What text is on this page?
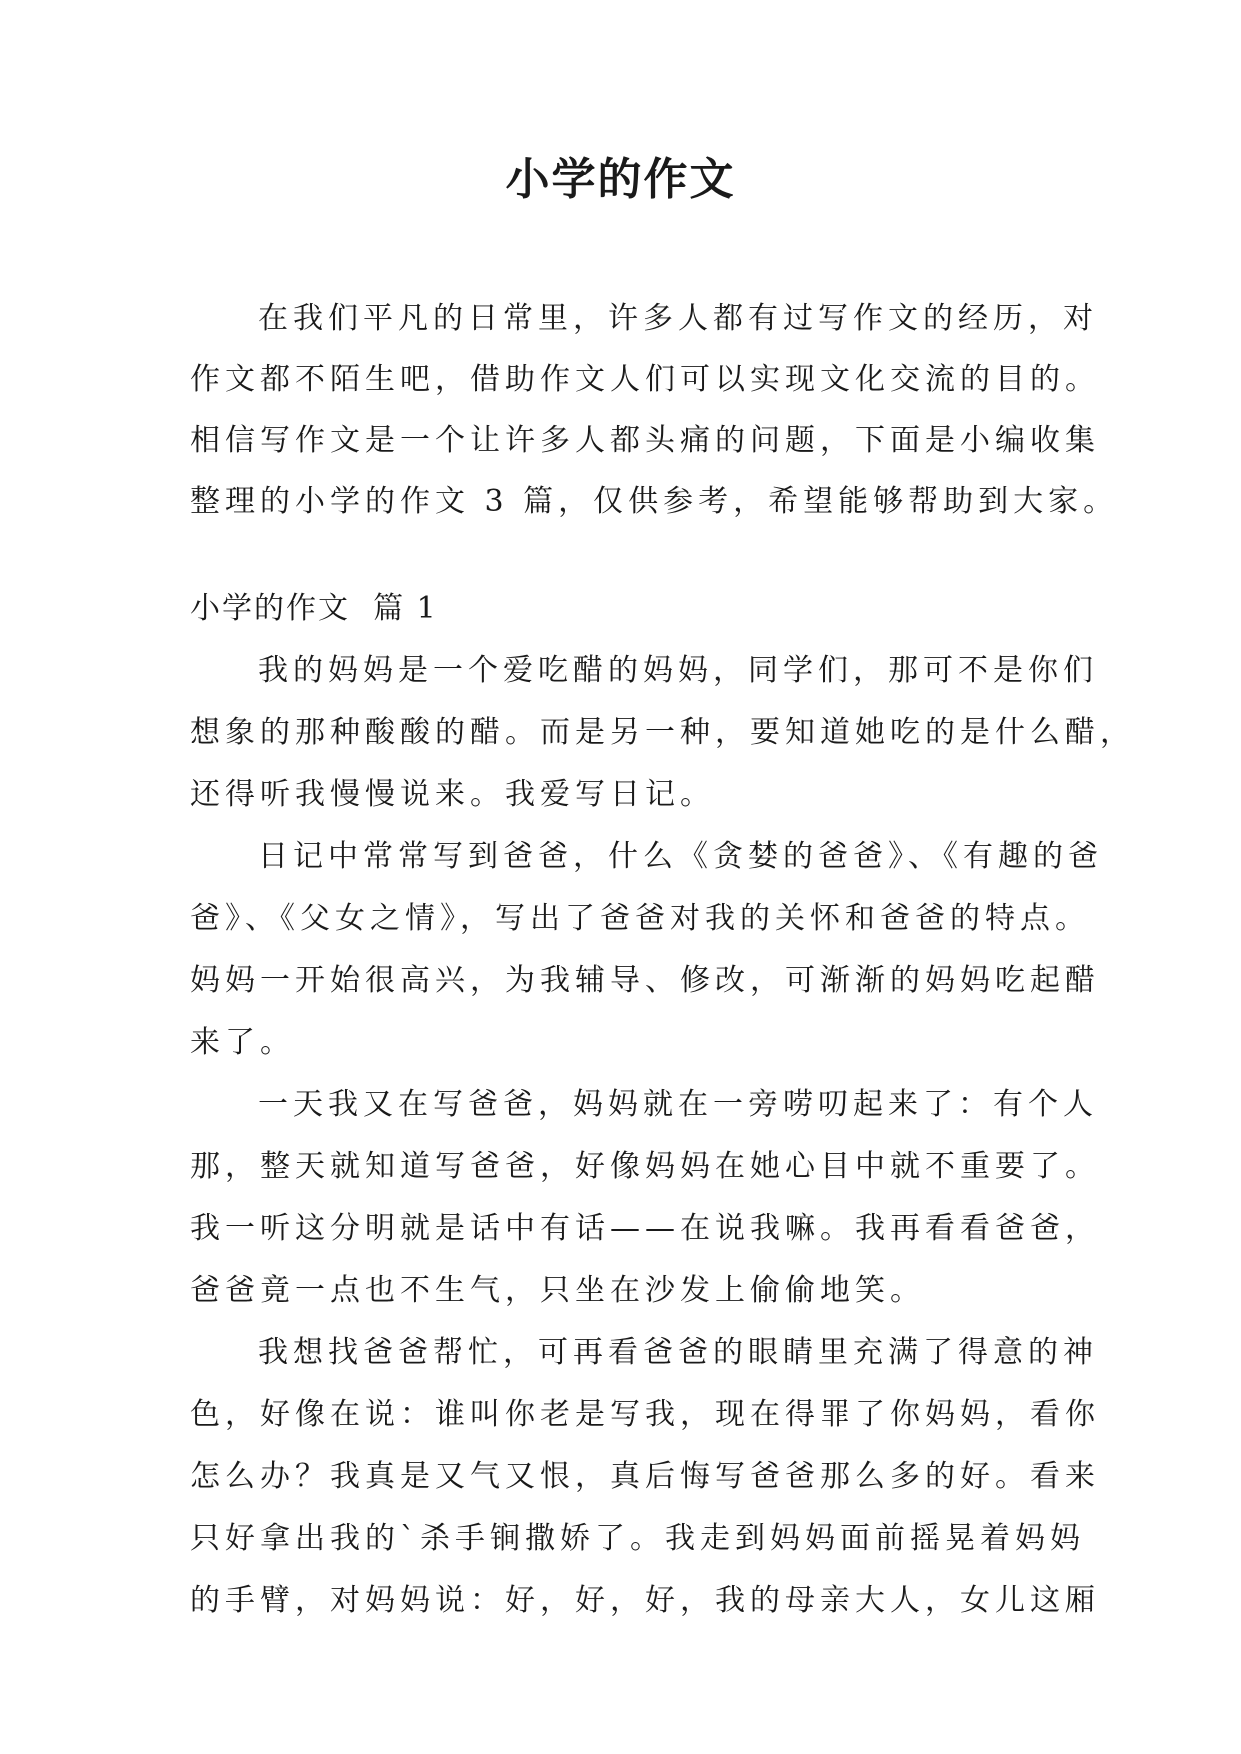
小学的作文

在我们平凡的日常里，许多人都有过写作文的经历，对
作文都不陌生吧，借助作文人们可以实现文化交流的目的。
相信写作文是一个让许多人都头痛的问题，下面是小编收集
整理的小学的作文 3 篇，仅供参考，希望能够帮助到大家。

小学的作文  篇 1

我的妈妈是一个爱吃醋的妈妈，同学们，那可不是你们
想象的那种酸酸的醋。而是另一种，要知道她吃的是什么醋，
还得听我慢慢说来。我爱写日记。

日记中常常写到爸爸，什么《贪婪的爸爸》、《有趣的爸
爸》、《父女之情》，写出了爸爸对我的关怀和爸爸的特点。
妈妈一开始很高兴，为我辅导、修改，可渐渐的妈妈吃起醋
来了。

一天我又在写爸爸，妈妈就在一旁唠叨起来了：有个人
那，整天就知道写爸爸，好像妈妈在她心目中就不重要了。
我一听这分明就是话中有话——在说我嘛。我再看看爸爸，
爸爸竟一点也不生气，只坐在沙发上偷偷地笑。

我想找爸爸帮忙，可再看爸爸的眼睛里充满了得意的神
色，好像在说：谁叫你老是写我，现在得罪了你妈妈，看你
怎么办？我真是又气又恨，真后悔写爸爸那么多的好。看来
只好拿出我的`杀手锏撒娇了。我走到妈妈面前摇晃着妈妈
的手臂，对妈妈说：好，好，好，我的母亲大人，女儿这厢
